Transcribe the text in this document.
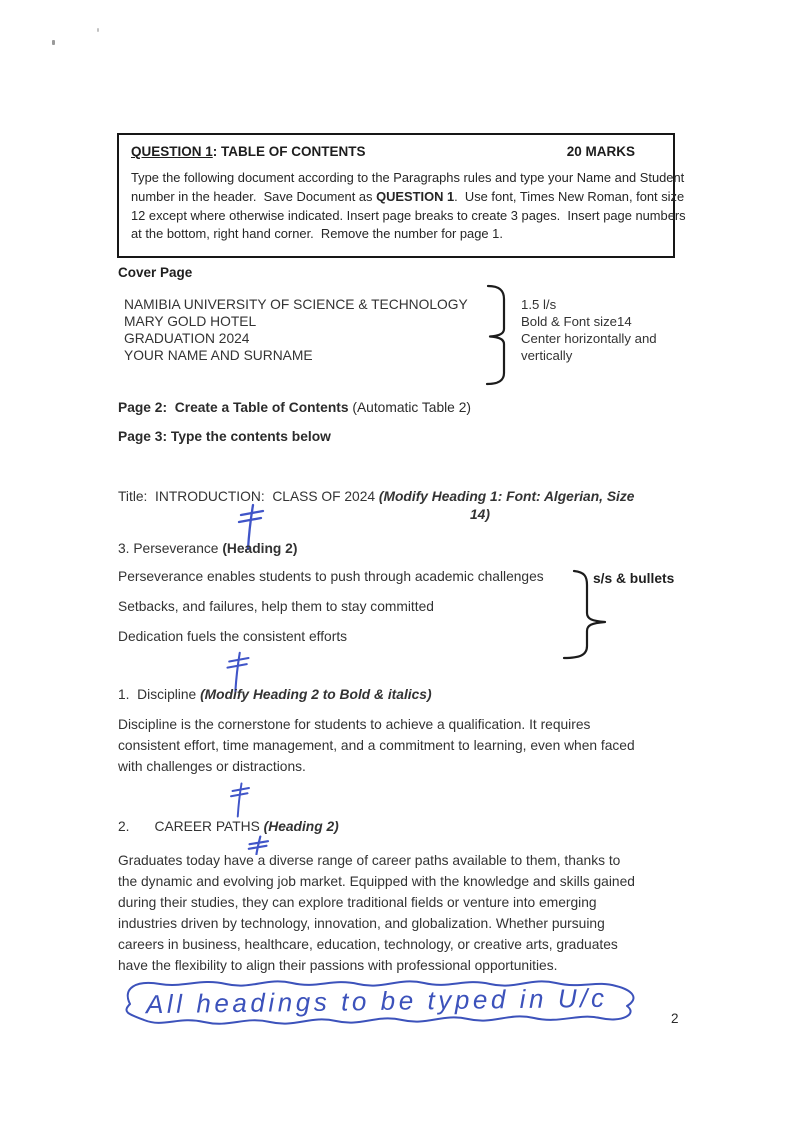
QUESTION 1: TABLE OF CONTENTS	20 MARKS
Type the following document according to the Paragraphs rules and type your Name and Student
number in the header.  Save Document as QUESTION 1.  Use font, Times New Roman, font size
12 except where otherwise indicated. Insert page breaks to create 3 pages.  Insert page numbers
at the bottom, right hand corner.  Remove the number for page 1.
Cover Page
NAMIBIA UNIVERSITY OF SCIENCE & TECHNOLOGY
MARY GOLD HOTEL
GRADUATION 2024
YOUR NAME AND SURNAME
1.5 l/s
Bold & Font size14
Center horizontally and
vertically
Page 2:  Create a Table of Contents (Automatic Table 2)
Page 3: Type the contents below
Title:  INTRODUCTION:  CLASS OF 2024 (Modify Heading 1: Font: Algerian, Size
14)
3. Perseverance (Heading 2)
Perseverance enables students to push through academic challenges
Setbacks, and failures, help them to stay committed
Dedication fuels the consistent efforts
s/s & bullets
1.  Discipline (Modify Heading 2 to Bold & italics)
Discipline is the cornerstone for students to achieve a qualification. It requires
consistent effort, time management, and a commitment to learning, even when faced
with challenges or distractions.
2. CAREER PATHS (Heading 2)
Graduates today have a diverse range of career paths available to them, thanks to
the dynamic and evolving job market. Equipped with the knowledge and skills gained
during their studies, they can explore traditional fields or venture into emerging
industries driven by technology, innovation, and globalization. Whether pursuing
careers in business, healthcare, education, technology, or creative arts, graduates
have the flexibility to align their passions with professional opportunities.
All headings to be typed in U/c
2
